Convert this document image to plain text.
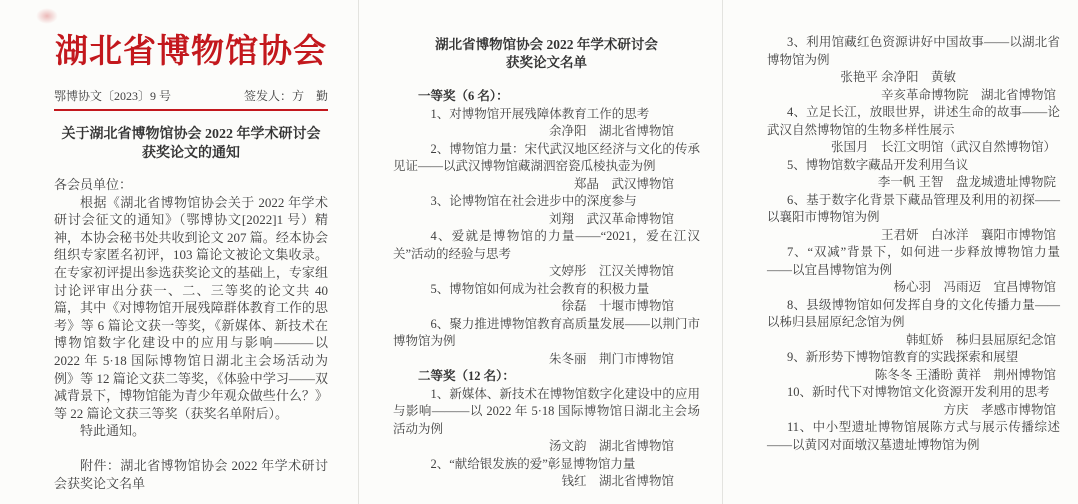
湖北省博物馆协会
鄂博协文〔2023〕9 号	签发人：方　勤
关于湖北省博物馆协会 2022 年学术研讨会
获奖论文的通知
各会员单位：
根据《湖北省博物馆协会关于 2022 年学术研讨会征文的通知》（鄂博协文[2022]1 号）精神，本协会秘书处共收到论文 207 篇。经本协会组织专家匿名初评，103 篇论文被论文集收录。在专家初评提出参选获奖论文的基础上，专家组讨论评审出分获一、二、三等奖的论文共 40 篇，其中《对博物馆开展残障群体教育工作的思考》等 6 篇论文获一等奖，《新媒体、新技术在博物馆数字化建设中的应用与影响———以 2022 年 5·18 国际博物馆日湖北主会场活动为例》等 12 篇论文获二等奖，《体验中学习——双减背景下，博物馆能为青少年观众做些什么？》等 22 篇论文获三等奖（获奖名单附后）。
特此通知。
附件：湖北省博物馆协会 2022 年学术研讨会获奖论文名单
湖北省博物馆协会 2022 年学术研讨会
获奖论文名单
一等奖（6 名）：
1、对博物馆开展残障体教育工作的思考
余净阳　湖北省博物馆
2、博物馆力量：宋代武汉地区经济与文化的传承见证——以武汉博物馆藏湖泗窑瓷瓜棱执壶为例
郑晶　武汉博物馆
3、论博物馆在社会进步中的深度参与
刘翔　武汉革命博物馆
4、爱就是博物馆的力量——“2021，爱在江汉关”活动的经验与思考
文婷彤　江汉关博物馆
5、博物馆如何成为社会教育的积极力量
徐磊　十堰市博物馆
6、聚力推进博物馆教育高质量发展——以荆门市博物馆为例
朱冬丽　荆门市博物馆
二等奖（12 名）：
1、新媒体、新技术在博物馆数字化建设中的应用与影响———以 2022 年 5·18 国际博物馆日湖北主会场活动为例
汤文韵　湖北省博物馆
2、“献给银发族的爱”彰显博物馆力量
钱红　湖北省博物馆
3、利用馆藏红色资源讲好中国故事——以湖北省博物馆为例
张艳平 余净阳　黄敏
辛亥革命博物院　湖北省博物馆
4、立足长江，放眼世界，讲述生命的故事——论武汉自然博物馆的生物多样性展示
张国月　长江文明馆（武汉自然博物馆）
5、博物馆数字藏品开发利用刍议
李一帆 王智　盘龙城遗址博物院
6、基于数字化背景下藏品管理及利用的初探——以襄阳市博物馆为例
王君妍　白冰洋　襄阳市博物馆
7、“双减”背景下，如何进一步释放博物馆力量——以宜昌博物馆为例
杨心羽　冯雨迈　宜昌博物馆
8、县级博物馆如何发挥自身的文化传播力量——以秭归县屈原纪念馆为例
韩虹娇　秭归县屈原纪念馆
9、新形势下博物馆教育的实践探索和展望
陈冬冬 王潘盼 黄祥　荆州博物馆
10、新时代下对博物馆文化资源开发利用的思考
方庆　孝感市博物馆
11、中小型遗址博物馆展陈方式与展示传播综述——以黄冈对面墩汉墓遗址博物馆为例
